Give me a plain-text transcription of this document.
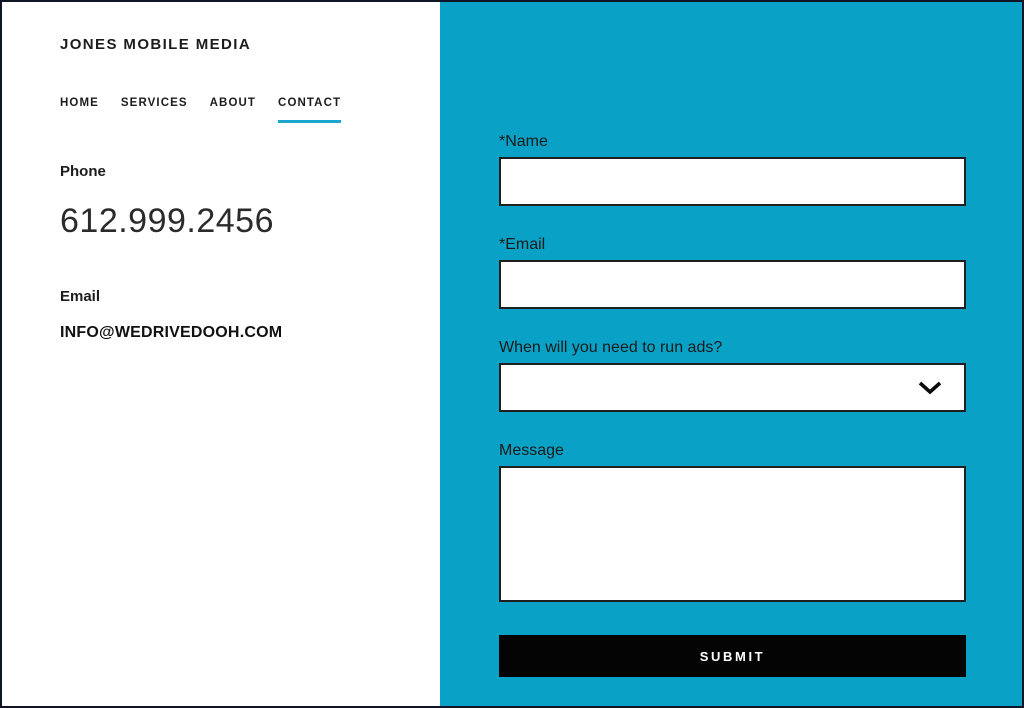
JONES MOBILE MEDIA
HOME SERVICES ABOUT CONTACT
Phone
612.999.2456
Email
INFO@WEDRIVEDOOH.COM
*Name
*Email
When will you need to run ads?
Message
SUBMIT
